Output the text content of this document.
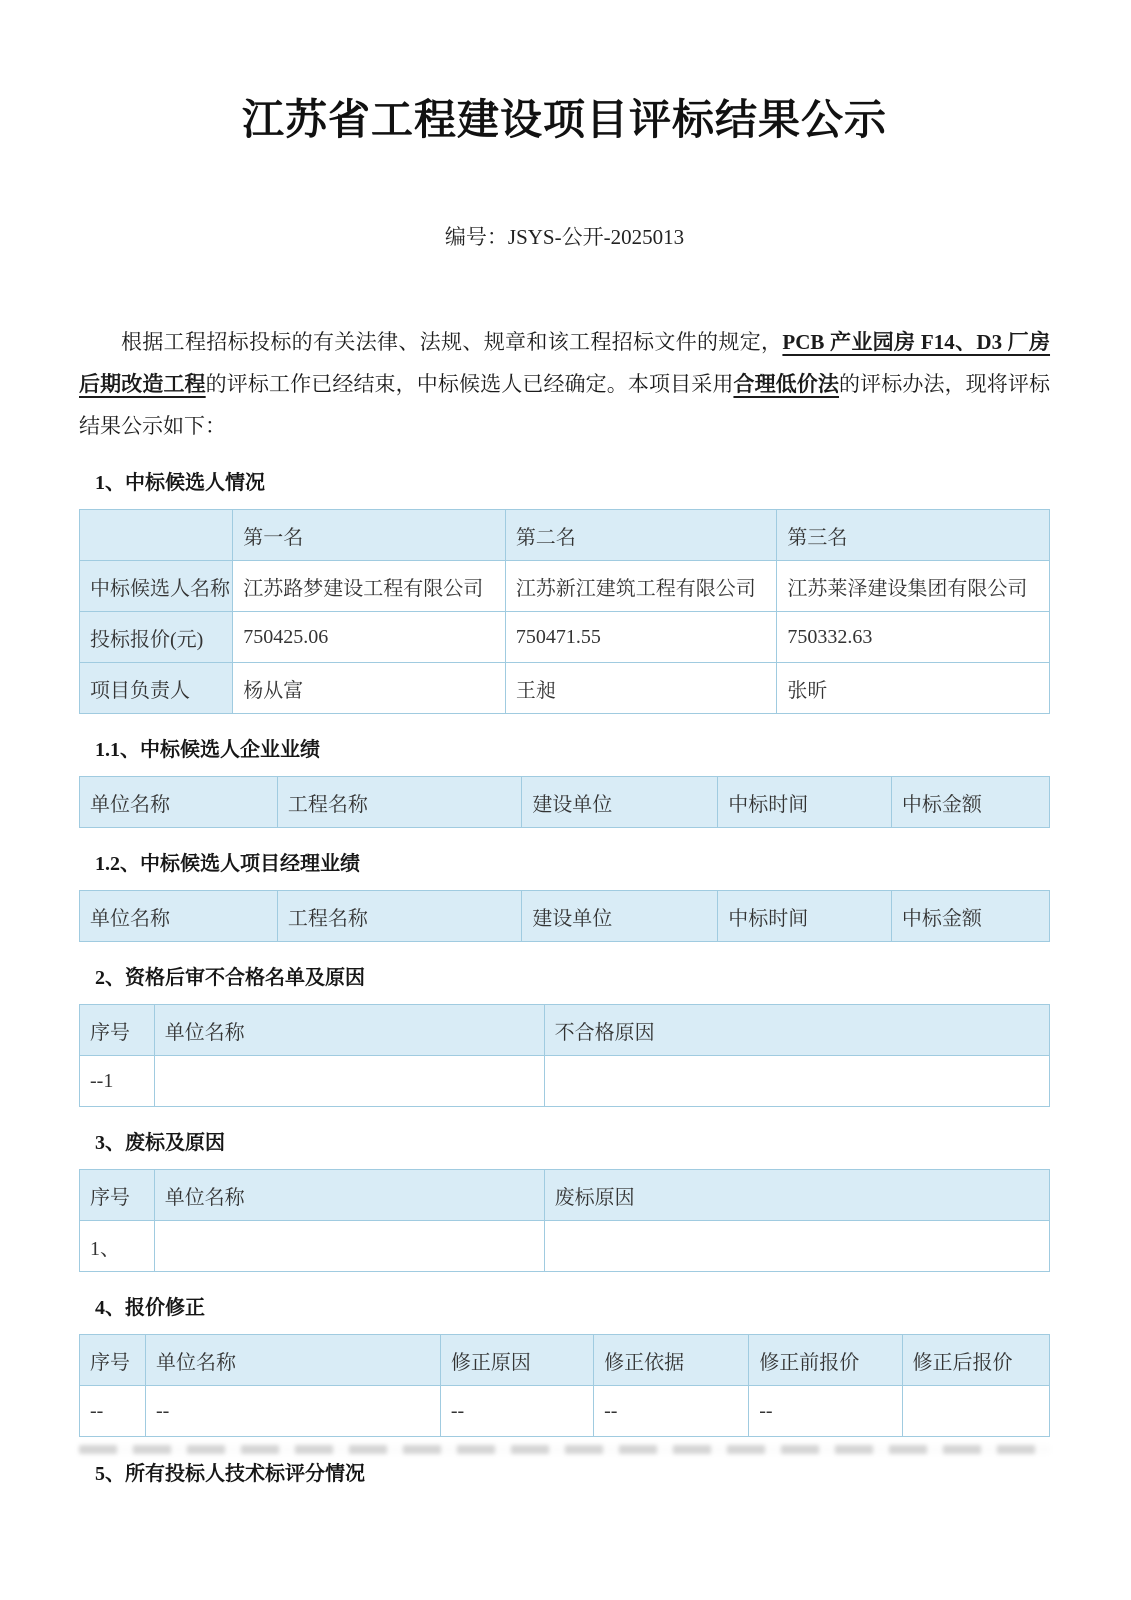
江苏省工程建设项目评标结果公示
编号：JSYS-公开-2025013

根据工程招标投标的有关法律、法规、规章和该工程招标文件的规定，PCB 产业园房 F14、D3 厂房后期改造工程的评标工作已经结束，中标候选人已经确定。本项目采用合理低价法的评标办法，现将评标结果公示如下：

1、中标候选人情况
	第一名	第二名	第三名
中标候选人名称	江苏路梦建设工程有限公司	江苏新江建筑工程有限公司	江苏莱泽建设集团有限公司
投标报价(元)	750425.06	750471.55	750332.63
项目负责人	杨从富	王昶	张昕
1.1、中标候选人企业业绩
单位名称	工程名称	建设单位	中标时间	中标金额
1.2、中标候选人项目经理业绩
单位名称	工程名称	建设单位	中标时间	中标金额
2、资格后审不合格名单及原因
序号	单位名称	不合格原因
--1		
3、废标及原因
序号	单位名称	废标原因
1、		
4、报价修正
序号	单位名称	修正原因	修正依据	修正前报价	修正后报价
--	--	--	--	--	
5、所有投标人技术标评分情况
